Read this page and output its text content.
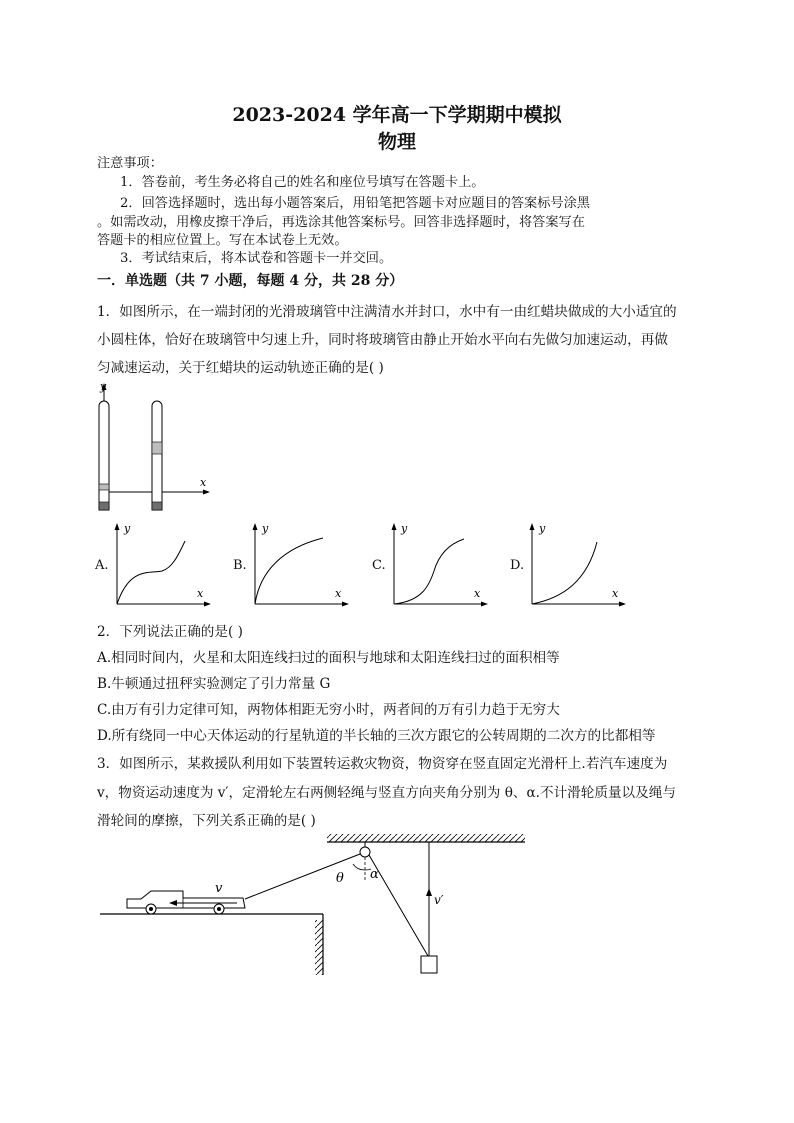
2023-2024 学年高一下学期期中模拟
物理
注意事项：
1．答卷前，考生务必将自己的姓名和座位号填写在答题卡上。
2．回答选择题时，选出每小题答案后，用铅笔把答题卡对应题目的答案标号涂黑
。如需改动，用橡皮擦干净后，再选涂其他答案标号。回答非选择题时，将答案写在
答题卡的相应位置上。写在本试卷上无效。
3．考试结束后，将本试卷和答题卡一并交回。
一．单选题（共 7 小题，每题 4 分，共 28 分）
1．如图所示，在一端封闭的光滑玻璃管中注满清水并封口，水中有一由红蜡块做成的大小适宜的
小圆柱体，恰好在玻璃管中匀速上升，同时将玻璃管由静止开始水平向右先做匀加速运动，再做
匀减速运动，关于红蜡块的运动轨迹正确的是( )
y
x
A.
y
x
B.
y
x
C.
y
x
D.
y
x
2．下列说法正确的是( )
A.相同时间内，火星和太阳连线扫过的面积与地球和太阳连线扫过的面积相等
B.牛顿通过扭秤实验测定了引力常量 G
C.由万有引力定律可知，两物体相距无穷小时，两者间的万有引力趋于无穷大
D.所有绕同一中心天体运动的行星轨道的半长轴的三次方跟它的公转周期的二次方的比都相等
3．如图所示，某救援队利用如下装置转运救灾物资，物资穿在竖直固定光滑杆上.若汽车速度为
v，物资运动速度为 v′，定滑轮左右两侧轻绳与竖直方向夹角分别为 θ、α.不计滑轮质量以及绳与
滑轮间的摩擦，下列关系正确的是( )
θ α
v′
v
